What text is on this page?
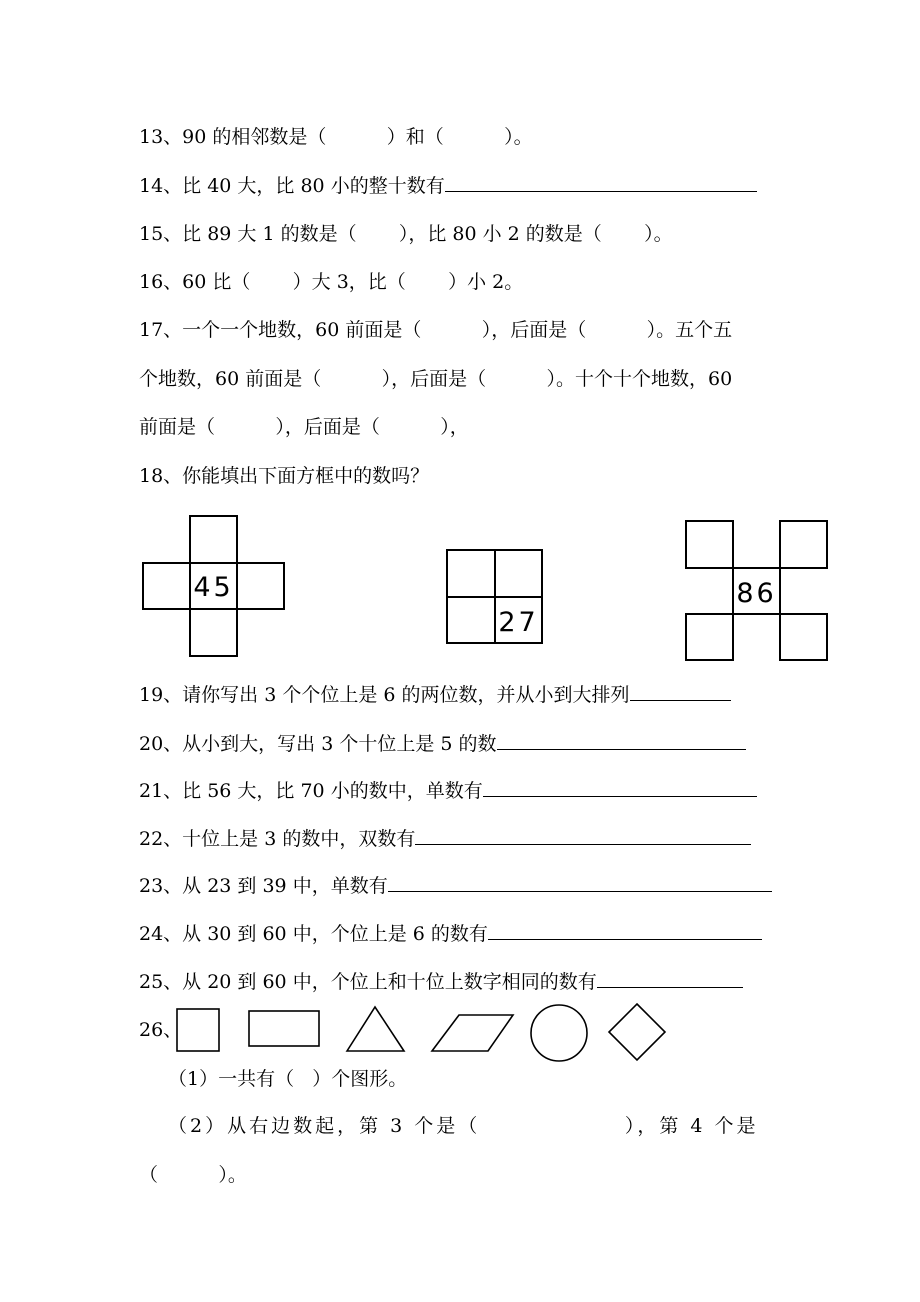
13、90 的相邻数是（          ）和（          ）。
14、比 40 大，比 80 小的整十数有
15、比 89 大 1 的数是（       ），比 80 小 2 的数是（       ）。
16、60 比（       ）大 3，比（       ）小 2。
17、一个一个地数，60 前面是（          ），后面是（          ）。五个五
个地数，60 前面是（          ），后面是（          ）。十个十个地数，60
前面是（          ），后面是（          ），
18、你能填出下面方框中的数吗？
45
27
86
19、请你写出 3 个个位上是 6 的两位数，并从小到大排列
20、从小到大，写出 3 个十位上是 5 的数
21、比 56 大，比 70 小的数中，单数有
22、十位上是 3 的数中，双数有
23、从 23 到 39 中，单数有
24、从 30 到 60 中，个位上是 6 的数有
25、从 20 到 60 中，个位上和十位上数字相同的数有
26、
（1）一共有（   ）个图形。
（2）从右边数起，第 3 个是（                ），第 4 个是
（          ）。
